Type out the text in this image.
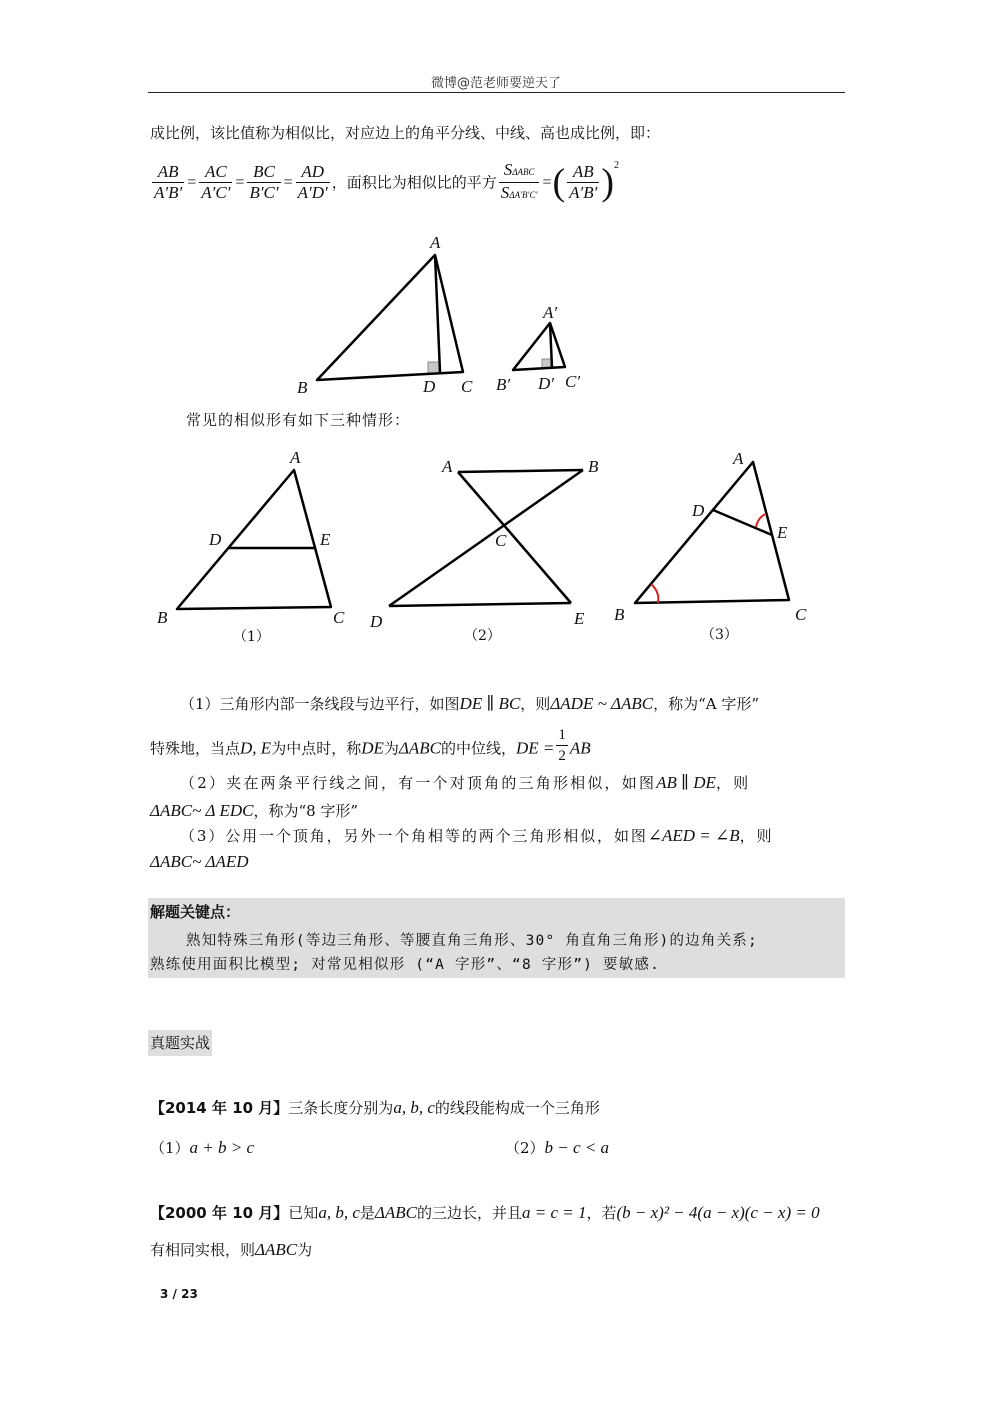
微博@范老师要逆天了
成比例，该比值称为相似比，对应边上的角平分线、中线、高也成比例，即：
$\frac{AB}{A'B'} = \frac{AC}{A'C'} = \frac{BC}{B'C'} = \frac{AD}{A'D'}$ ，面积比为相似比的平方 $\frac{\text{SΔABC}}{\text{SΔA′B′C′}}$ =( $\frac{AB}{A'B'} )^2$
A
B	D C
A′
B′ D′ C′
A
B	C
D	E
（1）
A	B
C
D	E
（2）
A
B	C
D
E
（3）
常见的相似形有如下三种情形：
（1）三角形内部一条线段与边平行，如图DE ∥ BC，则ΔADE ~ ΔABC，称为“A 字形”
特殊地，当点D, E为中点时，称DE为ΔABC的中位线，DE = $\frac{1}{2}$ AB
（2）夹在两条平行线之间，有一个对顶角的三角形相似，如图AB ∥ DE，则
ΔABC~ Δ EDC，称为“8 字形”
（3）公用一个顶角，另外一个角相等的两个三角形相似，如图∠AED = ∠B，则
ΔABC~ ΔAED
解题关键点：
熟知特殊三角形(等边三角形、等腰直角三角形、30° 角直角三角形)的边角关系;
熟练使用面积比模型; 对常见相似形 (“A 字形”、“8 字形”) 要敏感.
真题实战
【2014 年 10 月】三条长度分别为a, b, c的线段能构成一个三角形
（1）a + b > c	（2）b − c < a
【2000 年 10 月】已知a, b, c是ΔABC的三边长，并且a = c = 1，若(b − x)² − 4(a − x)(c − x) = 0
有相同实根，则ΔABC为
3 / 23
